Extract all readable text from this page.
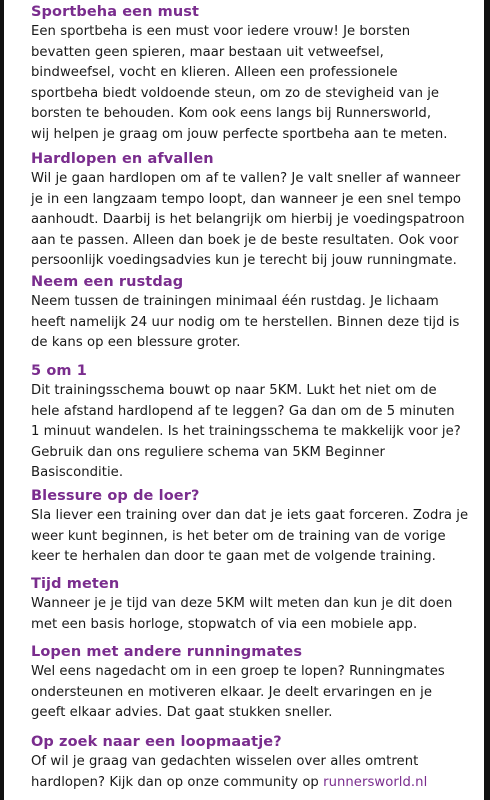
Sportbeha een must

Een sportbeha is een must voor iedere vrouw! Je borsten
bevatten geen spieren, maar bestaan uit vetweefsel,
bindweefsel, vocht en klieren. Alleen een professionele
sportbeha biedt voldoende steun, om zo de stevigheid van je
borsten te behouden. Kom ook eens langs bij Runnersworld,
wij helpen je graag om jouw perfecte sportbeha aan te meten.

Hardlopen en afvallen

Wil je gaan hardlopen om af te vallen? Je valt sneller af wanneer
je in een langzaam tempo loopt, dan wanneer je een snel tempo
aanhoudt. Daarbij is het belangrijk om hierbij je voedingspatroon
aan te passen. Alleen dan boek je de beste resultaten. Ook voor
persoonlijk voedingsadvies kun je terecht bij jouw runningmate.

Neem een rustdag

Neem tussen de trainingen minimaal één rustdag. Je lichaam
heeft namelijk 24 uur nodig om te herstellen. Binnen deze tijd is
de kans op een blessure groter.

5 om 1

Dit trainingsschema bouwt op naar 5KM. Lukt het niet om de
hele afstand hardlopend af te leggen? Ga dan om de 5 minuten
1 minuut wandelen. Is het trainingsschema te makkelijk voor je?
Gebruik dan ons reguliere schema van 5KM Beginner Basisconditie.

Blessure op de loer?

Sla liever een training over dan dat je iets gaat forceren. Zodra je
weer kunt beginnen, is het beter om de training van de vorige
keer te herhalen dan door te gaan met de volgende training.

Tijd meten

Wanneer je je tijd van deze 5KM wilt meten dan kun je dit doen
met een basis horloge, stopwatch of via een mobiele app.

Lopen met andere runningmates

Wel eens nagedacht om in een groep te lopen? Runningmates
ondersteunen en motiveren elkaar. Je deelt ervaringen en je
geeft elkaar advies. Dat gaat stukken sneller.

Op zoek naar een loopmaatje?

Of wil je graag van gedachten wisselen over alles omtrent
hardlopen? Kijk dan op onze community op runnersworld.nl
